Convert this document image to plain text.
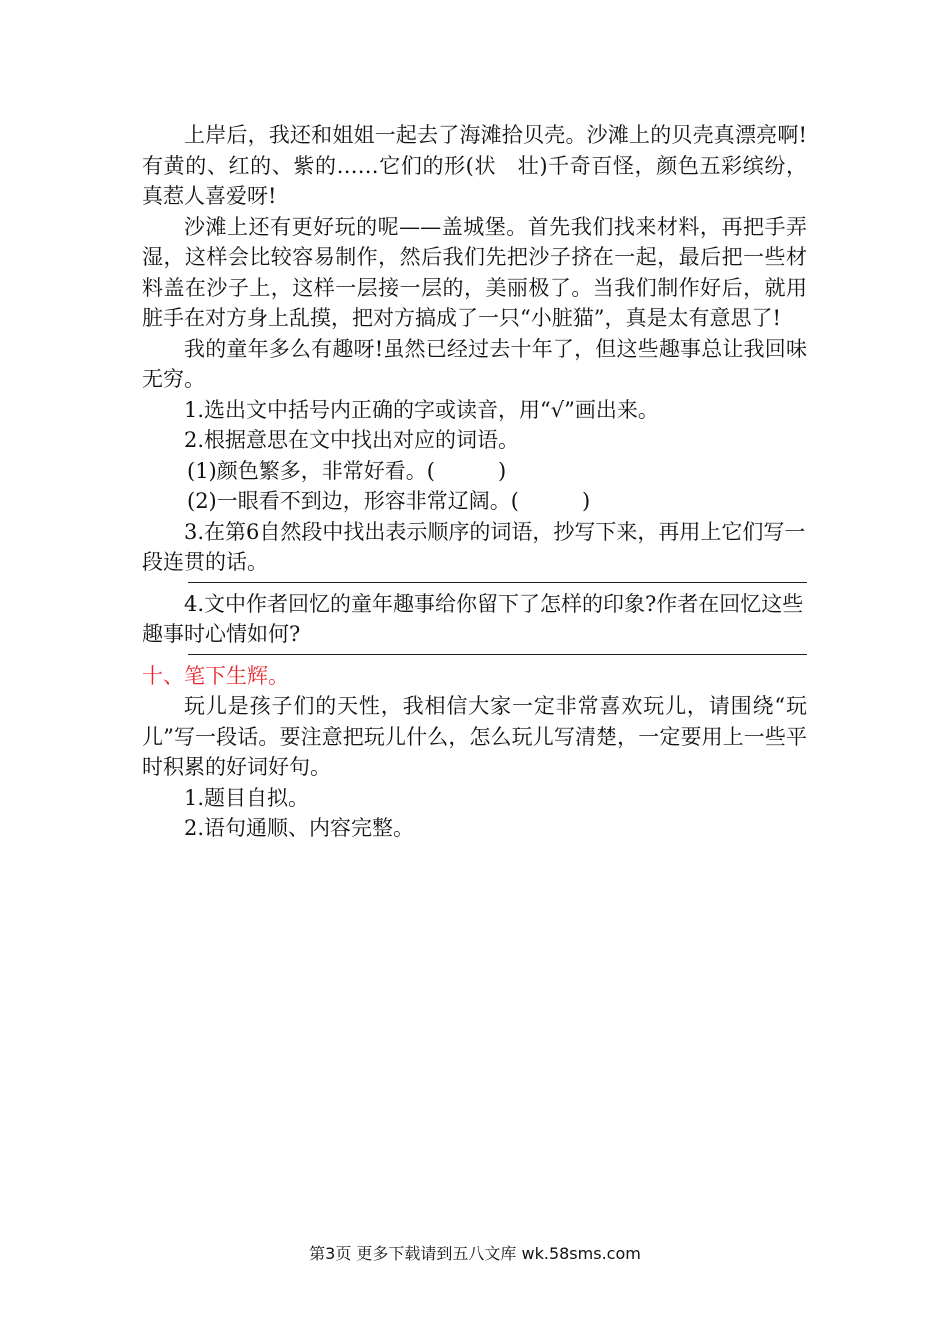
上岸后，我还和姐姐一起去了海滩拾贝壳。沙滩上的贝壳真漂亮啊!有黄的、红的、紫的……它们的形(状　壮)千奇百怪，颜色五彩缤纷，真惹人喜爱呀!

沙滩上还有更好玩的呢——盖城堡。首先我们找来材料，再把手弄湿，这样会比较容易制作，然后我们先把沙子挤在一起，最后把一些材料盖在沙子上，这样一层接一层的，美丽极了。当我们制作好后，就用脏手在对方身上乱摸，把对方搞成了一只“小脏猫”，真是太有意思了!

我的童年多么有趣呀!虽然已经过去十年了，但这些趣事总让我回味无穷。

1.选出文中括号内正确的字或读音，用“√”画出来。

2.根据意思在文中找出对应的词语。

(1)颜色繁多，非常好看。(　　　)

(2)一眼看不到边，形容非常辽阔。(　　　)

3.在第6自然段中找出表示顺序的词语，抄写下来，再用上它们写一段连贯的话。

4.文中作者回忆的童年趣事给你留下了怎样的印象?作者在回忆这些趣事时心情如何?

十、笔下生辉。

玩儿是孩子们的天性，我相信大家一定非常喜欢玩儿，请围绕“玩儿”写一段话。要注意把玩儿什么，怎么玩儿写清楚，一定要用上一些平时积累的好词好句。

1.题目自拟。

2.语句通顺、内容完整。

第3页 更多下载请到五八文库 wk.58sms.com
